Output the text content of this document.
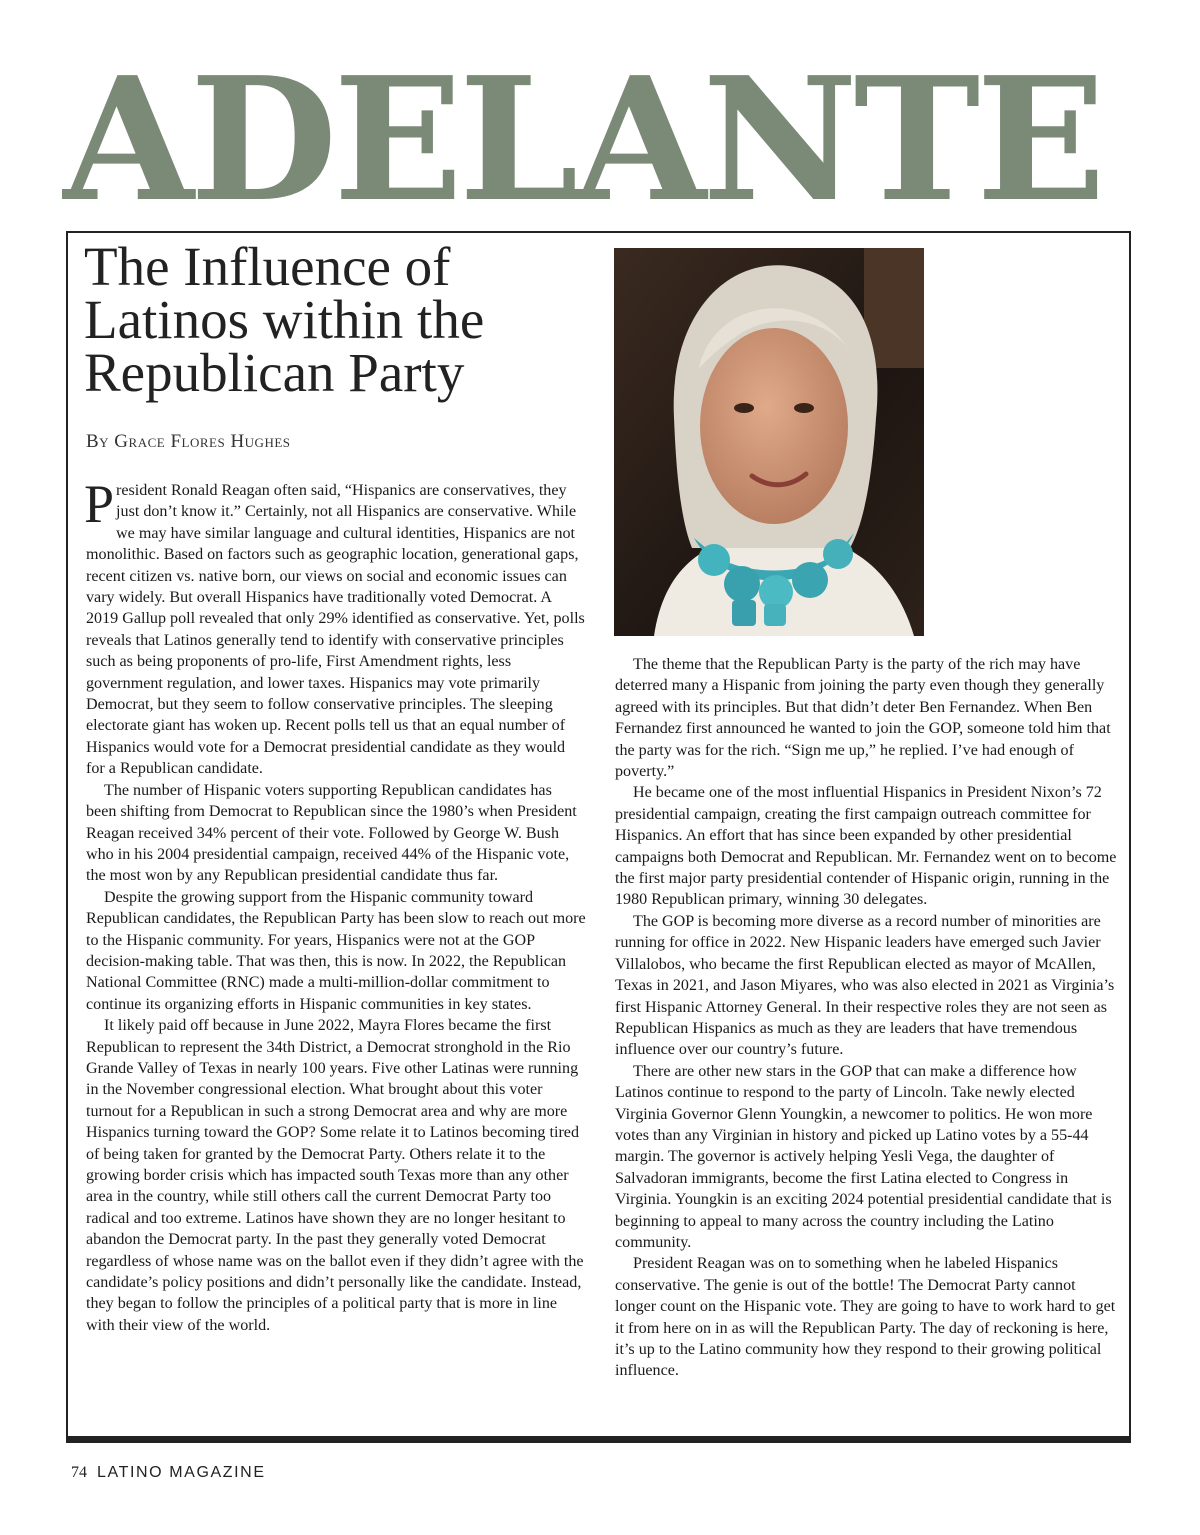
ADELANTE
The Influence of
Latinos within the
Republican Party

By Grace Flores Hughes

President Ronald Reagan often said, “Hispanics are conservatives, they just don’t know it.” Certainly, not all Hispanics are conservative. While we may have similar language and cultural identities, Hispanics are not monolithic. Based on factors such as geographic location, generational gaps, recent citizen vs. native born, our views on social and economic issues can vary widely. But overall Hispanics have traditionally voted Democrat. A 2019 Gallup poll revealed that only 29% identified as conservative. Yet, polls reveals that Latinos generally tend to identify with conservative principles such as being proponents of pro-life, First Amendment rights, less government regulation, and lower taxes. Hispanics may vote primarily Democrat, but they seem to follow conservative principles. The sleeping electorate giant has woken up. Recent polls tell us that an equal number of Hispanics would vote for a Democrat presidential candidate as they would for a Republican candidate.

The number of Hispanic voters supporting Republican candidates has been shifting from Democrat to Republican since the 1980’s when President Reagan received 34% percent of their vote. Followed by George W. Bush who in his 2004 presidential campaign, received 44% of the Hispanic vote, the most won by any Republican presidential candidate thus far.

Despite the growing support from the Hispanic community toward Republican candidates, the Republican Party has been slow to reach out more to the Hispanic community. For years, Hispanics were not at the GOP decision-making table. That was then, this is now. In 2022, the Republican National Committee (RNC) made a multi-million-dollar commitment to continue its organizing efforts in Hispanic communities in key states.

It likely paid off because in June 2022, Mayra Flores became the first Republican to represent the 34th District, a Democrat stronghold in the Rio Grande Valley of Texas in nearly 100 years. Five other Latinas were running in the November congressional election. What brought about this voter turnout for a Republican in such a strong Democrat area and why are more Hispanics turning toward the GOP? Some relate it to Latinos becoming tired of being taken for granted by the Democrat Party. Others relate it to the growing border crisis which has impacted south Texas more than any other area in the country, while still others call the current Democrat Party too radical and too extreme. Latinos have shown they are no longer hesitant to abandon the Democrat party. In the past they generally voted Democrat regardless of whose name was on the ballot even if they didn’t agree with the candidate’s policy positions and didn’t personally like the candidate. Instead, they began to follow the principles of a political party that is more in line with their view of the world.

The theme that the Republican Party is the party of the rich may have deterred many a Hispanic from joining the party even though they generally agreed with its principles. But that didn’t deter Ben Fernandez. When Ben Fernandez first announced he wanted to join the GOP, someone told him that the party was for the rich. “Sign me up,” he replied. I’ve had enough of poverty.”

He became one of the most influential Hispanics in President Nixon’s 72 presidential campaign, creating the first campaign outreach committee for Hispanics. An effort that has since been expanded by other presidential campaigns both Democrat and Republican. Mr. Fernandez went on to become the first major party presidential contender of Hispanic origin, running in the 1980 Republican primary, winning 30 delegates.

The GOP is becoming more diverse as a record number of minorities are running for office in 2022. New Hispanic leaders have emerged such Javier Villalobos, who became the first Republican elected as mayor of McAllen, Texas in 2021, and Jason Miyares, who was also elected in 2021 as Virginia’s first Hispanic Attorney General. In their respective roles they are not seen as Republican Hispanics as much as they are leaders that have tremendous influence over our country’s future.

There are other new stars in the GOP that can make a difference how Latinos continue to respond to the party of Lincoln. Take newly elected Virginia Governor Glenn Youngkin, a newcomer to politics. He won more votes than any Virginian in history and picked up Latino votes by a 55-44 margin. The governor is actively helping Yesli Vega, the daughter of Salvadoran immigrants, become the first Latina elected to Congress in Virginia. Youngkin is an exciting 2024 potential presidential candidate that is beginning to appeal to many across the country including the Latino community.

President Reagan was on to something when he labeled Hispanics conservative. The genie is out of the bottle! The Democrat Party cannot longer count on the Hispanic vote. They are going to have to work hard to get it from here on in as will the Republican Party. The day of reckoning is here, it’s up to the Latino community how they respond to their growing political influence.

74 LATINO MAGAZINE
